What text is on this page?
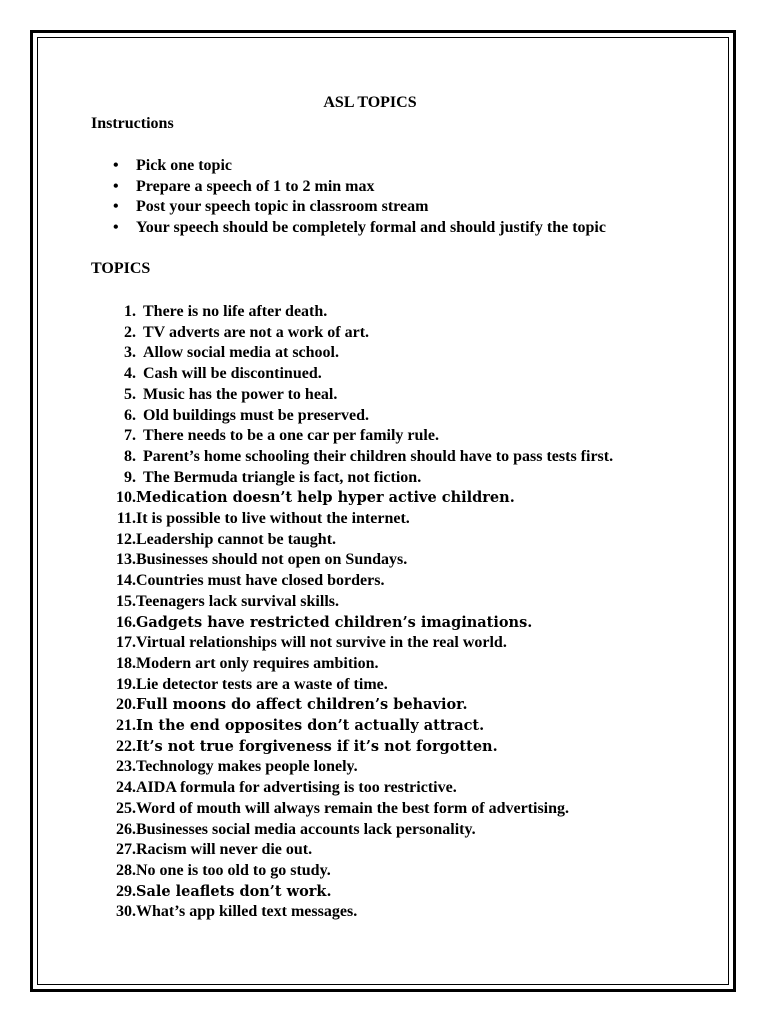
ASL TOPICS
Instructions
• Pick one topic
• Prepare a speech of 1 to 2 min max
• Post your speech topic in classroom stream
• Your speech should be completely formal and should justify the topic
TOPICS
1. There is no life after death.
2. TV adverts are not a work of art.
3. Allow social media at school.
4. Cash will be discontinued.
5. Music has the power to heal.
6. Old buildings must be preserved.
7. There needs to be a one car per family rule.
8. Parent’s home schooling their children should have to pass tests first.
9. The Bermuda triangle is fact, not fiction.
10. Medication doesn’t help hyper active children.
11. It is possible to live without the internet.
12. Leadership cannot be taught.
13. Businesses should not open on Sundays.
14. Countries must have closed borders.
15. Teenagers lack survival skills.
16. Gadgets have restricted children’s imaginations.
17. Virtual relationships will not survive in the real world.
18. Modern art only requires ambition.
19. Lie detector tests are a waste of time.
20. Full moons do affect children’s behavior.
21. In the end opposites don’t actually attract.
22. It’s not true forgiveness if it’s not forgotten.
23. Technology makes people lonely.
24. AIDA formula for advertising is too restrictive.
25. Word of mouth will always remain the best form of advertising.
26. Businesses social media accounts lack personality.
27. Racism will never die out.
28. No one is too old to go study.
29. Sale leaflets don’t work.
30. What’s app killed text messages.
